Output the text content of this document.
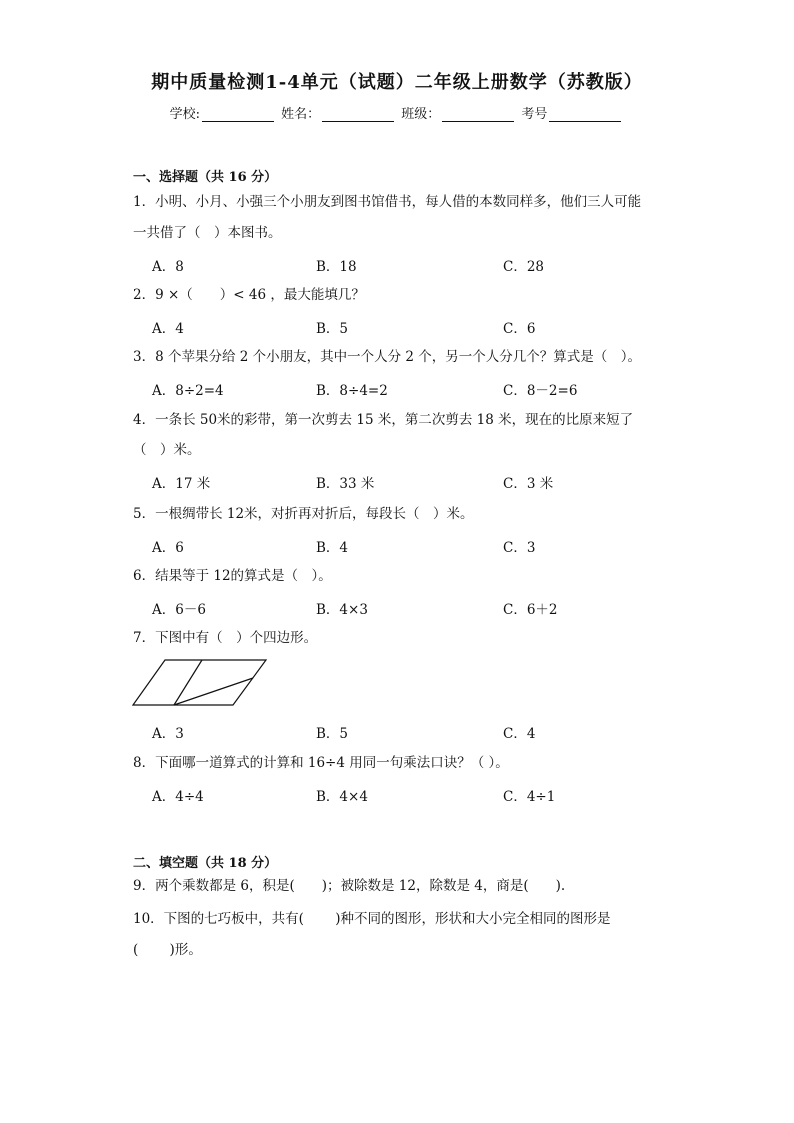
期中质量检测1-4单元（试题）二年级上册数学（苏教版）
学校:	姓名：	班级：	考号
一、选择题（共 16 分）
1．小明、小月、小强三个小朋友到图书馆借书，每人借的本数同样多，他们三人可能
一共借了（　）本图书。
A．8	B．18	C．28
2．9 ×（　　）< 46 ，最大能填几？
A．4	B．5	C．6
3．8 个苹果分给 2 个小朋友，其中一个人分 2 个，另一个人分几个？算式是（　）。
A．8÷2=4	B．8÷4=2	C．8－2=6
4．一条长 50米的彩带，第一次剪去 15 米，第二次剪去 18 米，现在的比原来短了
（　）米。
A．17 米	B．33 米	C．3 米
5．一根绸带长 12米，对折再对折后，每段长（　）米。
A．6	B．4	C．3
6．结果等于 12的算式是（　）。
A．6－6	B．4×3	C．6＋2
7．下图中有（　）个四边形。
A．3	B．5	C．4
8．下面哪一道算式的计算和 16÷4 用同一句乘法口诀？（ ）。
A．4÷4	B．4×4	C．4÷1
二、填空题（共 18 分）
9．两个乘数都是 6，积是(　　)；被除数是 12，除数是 4，商是(　　).
10．下图的七巧板中，共有(　　 )种不同的图形，形状和大小完全相同的图形是
(　　 )形。
